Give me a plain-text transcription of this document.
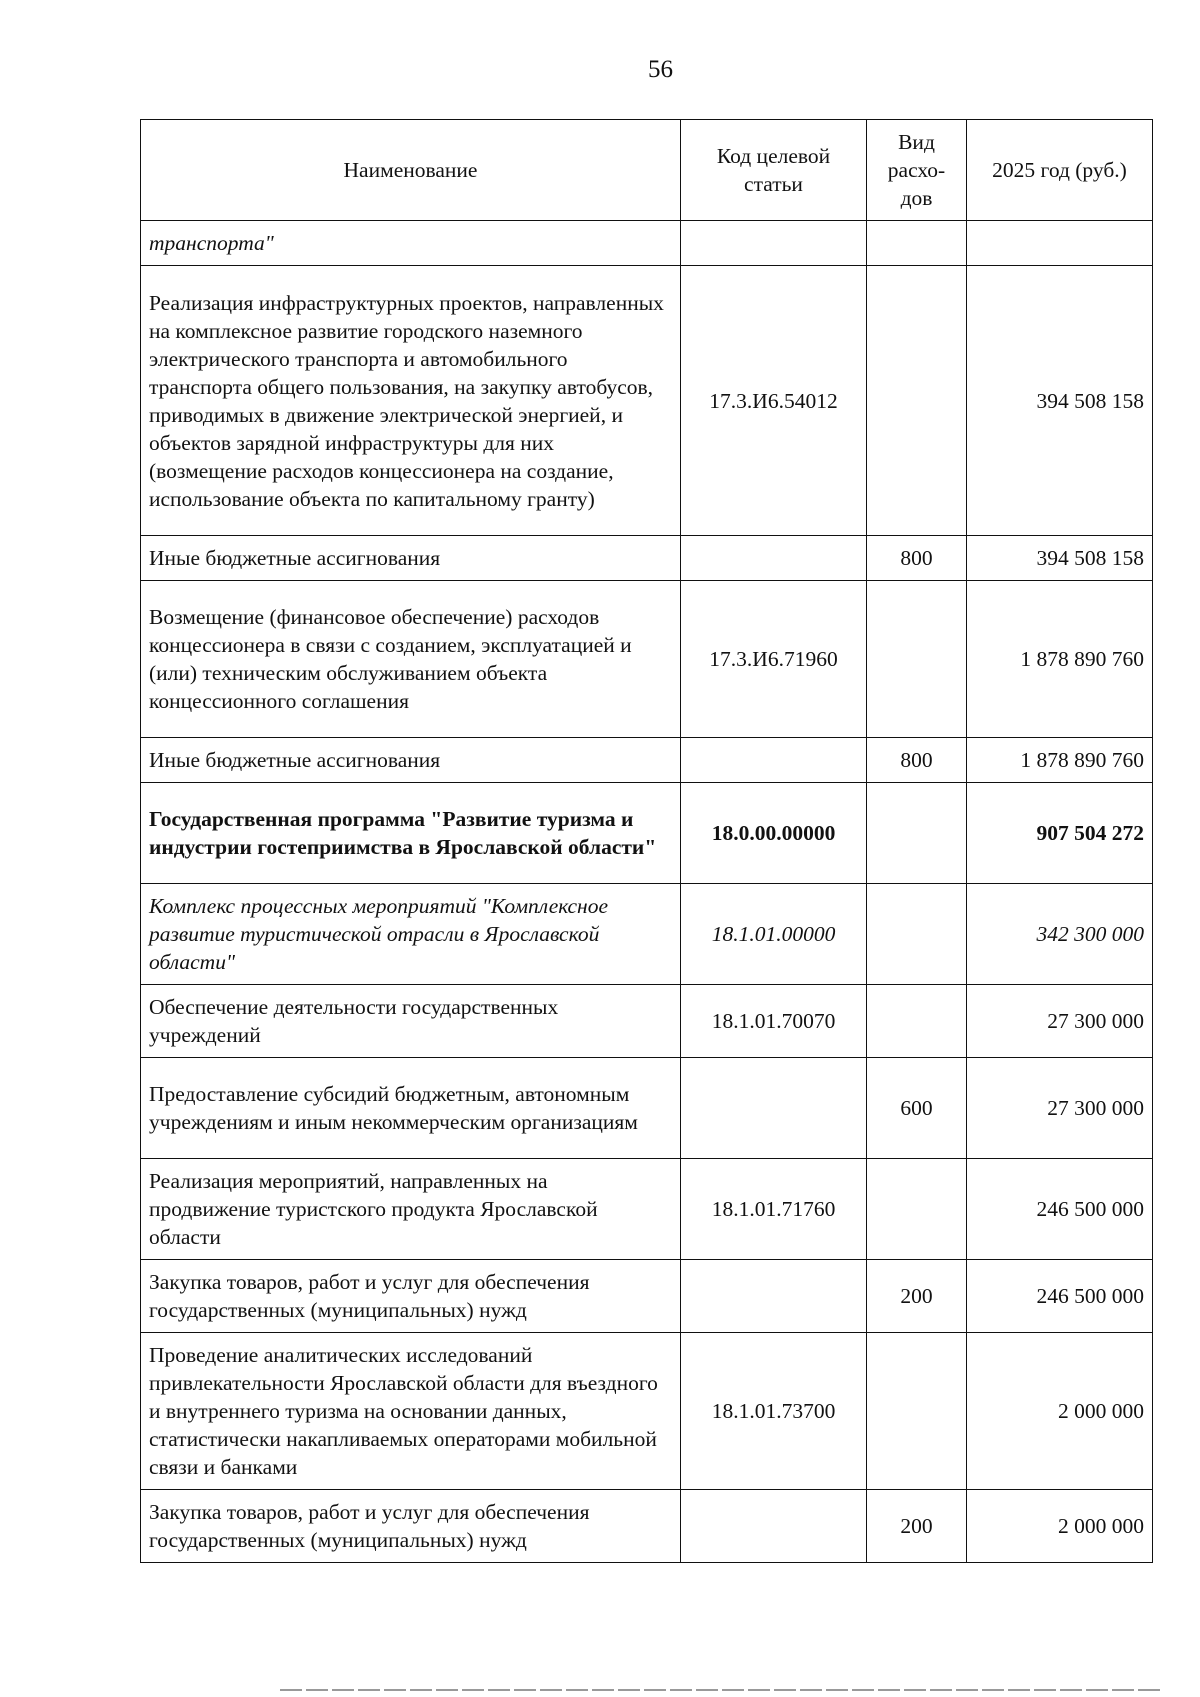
56
Наименование	Код целевой статьи	Вид расхо-дов	2025 год (руб.)
транспорта"			
Реализация инфраструктурных проектов, направленных на комплексное развитие городского наземного электрического транспорта и автомобильного транспорта общего пользования, на закупку автобусов, приводимых в движение электрической энергией, и объектов зарядной инфраструктуры для них (возмещение расходов концессионера на создание, использование объекта по капитальному гранту)	17.3.И6.54012		394 508 158
Иные бюджетные ассигнования		800	394 508 158
Возмещение (финансовое обеспечение) расходов концессионера в связи с созданием, эксплуатацией и (или) техническим обслуживанием объекта концессионного соглашения	17.3.И6.71960		1 878 890 760
Иные бюджетные ассигнования		800	1 878 890 760
Государственная программа "Развитие туризма и индустрии гостеприимства в Ярославской области"	18.0.00.00000		907 504 272
Комплекс процессных мероприятий "Комплексное развитие туристической отрасли в Ярославской области"	18.1.01.00000		342 300 000
Обеспечение деятельности государственных учреждений	18.1.01.70070		27 300 000
Предоставление субсидий бюджетным, автономным учреждениям и иным некоммерческим организациям		600	27 300 000
Реализация мероприятий, направленных на продвижение туристского продукта Ярославской области	18.1.01.71760		246 500 000
Закупка товаров, работ и услуг для обеспечения государственных (муниципальных) нужд		200	246 500 000
Проведение аналитических исследований привлекательности Ярославской области для въездного и внутреннего туризма на основании данных, статистически накапливаемых операторами мобильной связи и банками	18.1.01.73700		2 000 000
Закупка товаров, работ и услуг для обеспечения государственных (муниципальных) нужд		200	2 000 000
